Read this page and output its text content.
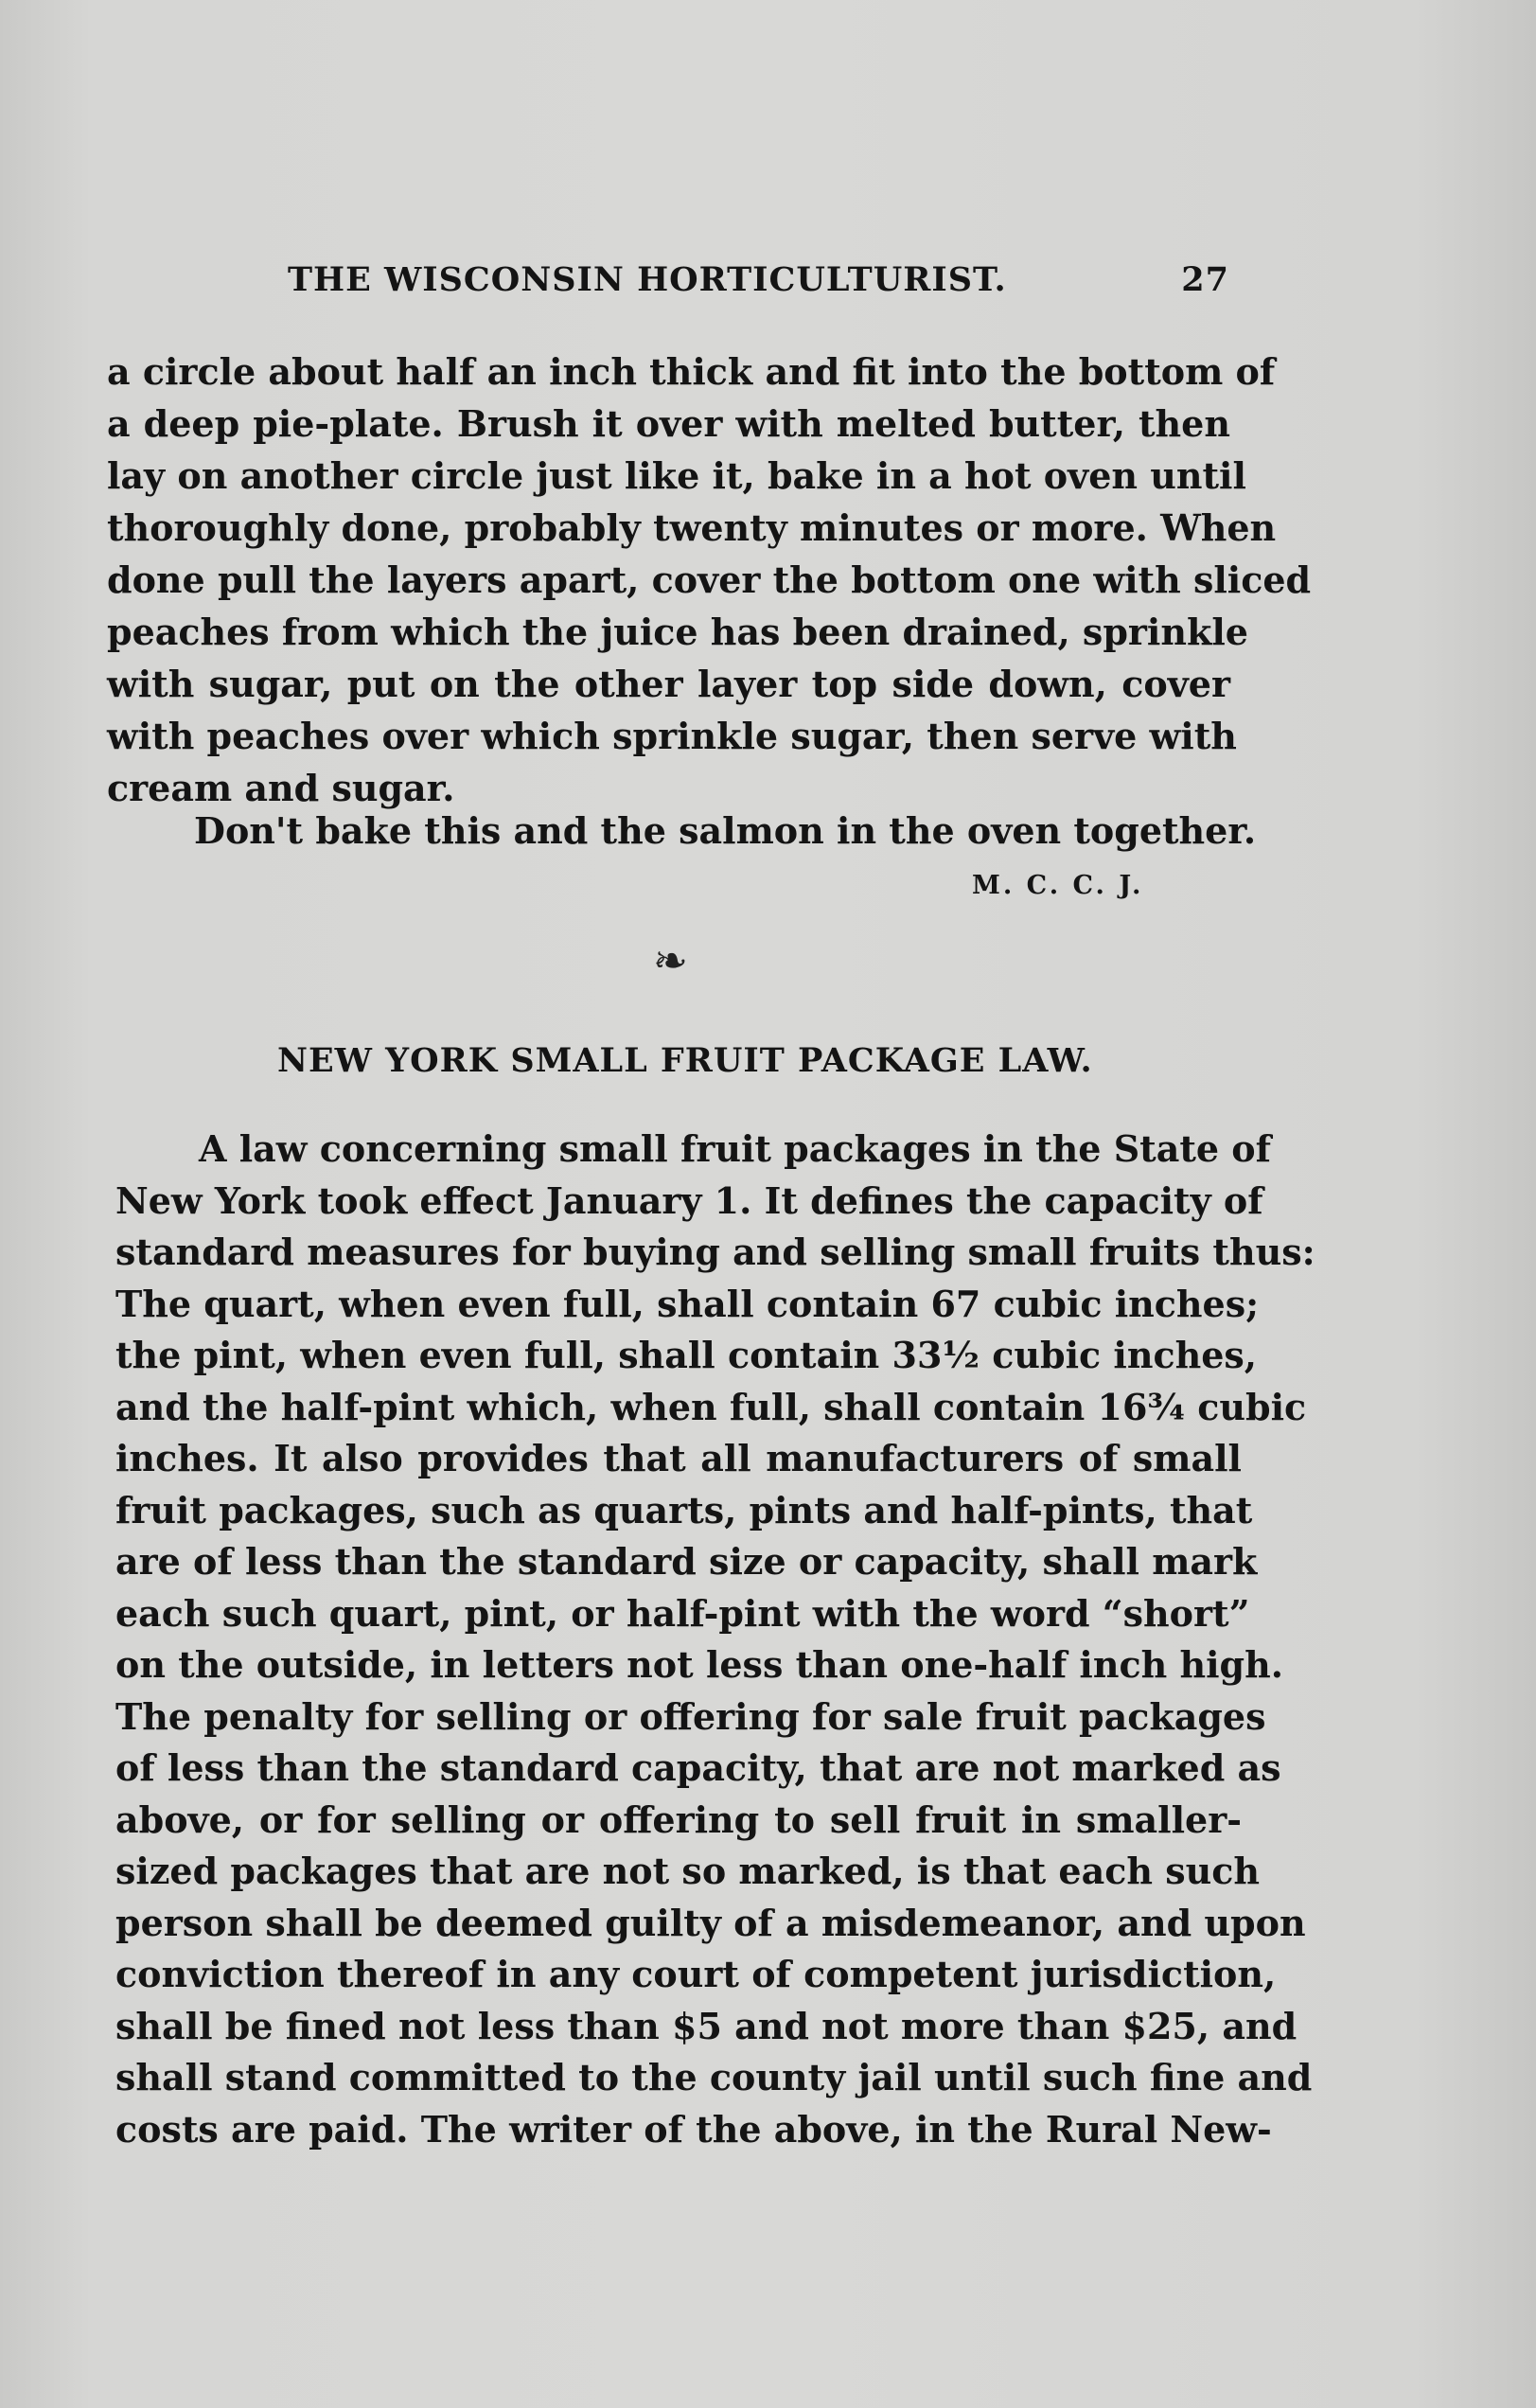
THE WISCONSIN HORTICULTURIST.	27
a circle about half an inch thick and fit into the bottom of
a deep pie-plate. Brush it over with melted butter, then
lay on another circle just like it, bake in a hot oven until
thoroughly done, probably twenty minutes or more. When
done pull the layers apart, cover the bottom one with sliced
peaches from which the juice has been drained, sprinkle
with sugar, put on the other layer top side down, cover
with peaches over which sprinkle sugar, then serve with
cream and sugar.
Don't bake this and the salmon in the oven together.
M. C. C. J.
❧
NEW YORK SMALL FRUIT PACKAGE LAW.
A law concerning small fruit packages in the State of
New York took effect January 1. It defines the capacity of
standard measures for buying and selling small fruits thus:
The quart, when even full, shall contain 67 cubic inches;
the pint, when even full, shall contain 33½ cubic inches,
and the half-pint which, when full, shall contain 16¾ cubic
inches. It also provides that all manufacturers of small
fruit packages, such as quarts, pints and half-pints, that
are of less than the standard size or capacity, shall mark
each such quart, pint, or half-pint with the word “short”
on the outside, in letters not less than one-half inch high.
The penalty for selling or offering for sale fruit packages
of less than the standard capacity, that are not marked as
above, or for selling or offering to sell fruit in smaller-
sized packages that are not so marked, is that each such
person shall be deemed guilty of a misdemeanor, and upon
conviction thereof in any court of competent jurisdiction,
shall be fined not less than $5 and not more than $25, and
shall stand committed to the county jail until such fine and
costs are paid. The writer of the above, in the Rural New-
